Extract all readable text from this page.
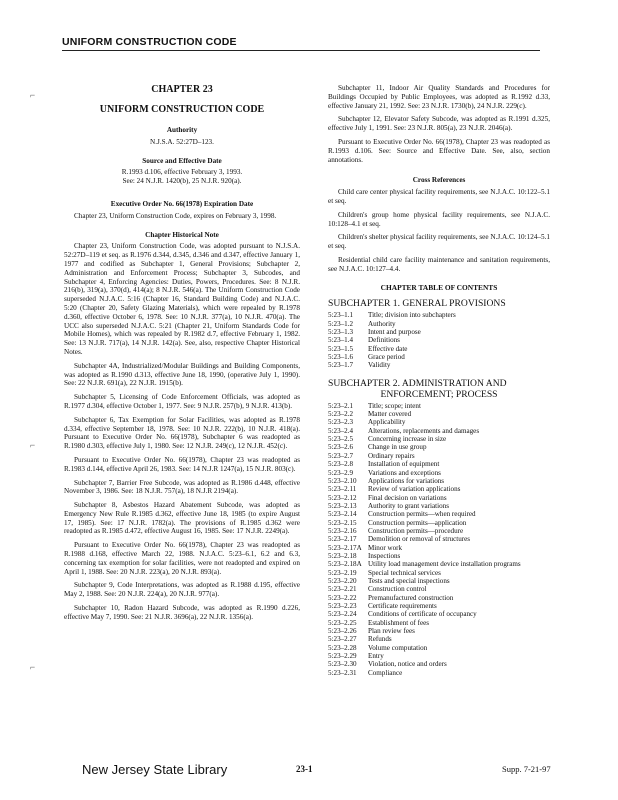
UNIFORM CONSTRUCTION CODE
⌐
⌐
⌐
CHAPTER 23
UNIFORM CONSTRUCTION CODE
Authority
N.J.S.A. 52:27D–123.
Source and Effective Date
R.1993 d.106, effective February 3, 1993.
See: 24 N.J.R. 1420(b), 25 N.J.R. 920(a).
Executive Order No. 66(1978) Expiration Date

Chapter 23, Uniform Construction Code, expires on February 3, 1998.

Chapter Historical Note

Chapter 23, Uniform Construction Code, was adopted pursuant to N.J.S.A. 52:27D–119 et seq. as R.1976 d.344, d.345, d.346 and d.347, effective January 1, 1977 and codified as Subchapter 1, General Provisions; Subchapter 2, Administration and Enforcement Process; Subchapter 3, Subcodes, and Subchapter 4, Enforcing Agencies: Duties, Powers, Procedures. See: 8 N.J.R. 216(b), 319(a), 370(d), 414(a); 8 N.J.R. 546(a). The Uniform Construction Code superseded N.J.A.C. 5:16 (Chapter 16, Standard Building Code) and N.J.A.C. 5:20 (Chapter 20, Safety Glazing Materials), which were repealed by R.1978 d.360, effective October 6, 1978. See: 10 N.J.R. 377(a), 10 N.J.R. 470(a). The UCC also superseded N.J.A.C. 5:21 (Chapter 21, Uniform Standards Code for Mobile Homes), which was repealed by R.1982 d.7, effective February 1, 1982. See: 13 N.J.R. 717(a), 14 N.J.R. 142(a). See, also, respective Chapter Historical Notes.

Subchapter 4A, Industrialized/Modular Buildings and Building Components, was adopted as R.1990 d.313, effective June 18, 1990, (operative July 1, 1990). See: 22 N.J.R. 691(a), 22 N.J.R. 1915(b).

Subchapter 5, Licensing of Code Enforcement Officials, was adopted as R.1977 d.304, effective October 1, 1977. See: 9 N.J.R. 257(b), 9 N.J.R. 413(b).

Subchapter 6, Tax Exemption for Solar Facilities, was adopted as R.1978 d.334, effective September 18, 1978. See: 10 N.J.R. 222(b), 10 N.J.R. 418(a). Pursuant to Executive Order No. 66(1978), Subchapter 6 was readopted as R.1980 d.303, effective July 1, 1980. See: 12 N.J.R. 249(c), 12 N.J.R. 452(c).

Pursuant to Executive Order No. 66(1978), Chapter 23 was readopted as R.1983 d.144, effective April 26, 1983. See: 14 N.J.R 1247(a), 15 N.J.R. 803(c).

Subchapter 7, Barrier Free Subcode, was adopted as R.1986 d.448, effective November 3, 1986. See: 18 N.J.R. 757(a), 18 N.J.R 2194(a).

Subchapter 8, Asbestos Hazard Abatement Subcode, was adopted as Emergency New Rule R.1985 d.362, effective June 18, 1985 (to expire August 17, 1985). See: 17 N.J.R. 1782(a). The provisions of R.1985 d.362 were readopted as R.1985 d.472, effective August 16, 1985. See: 17 N.J.R. 2249(a).

Pursuant to Executive Order No. 66(1978), Chapter 23 was readopted as R.1988 d.168, effective March 22, 1988. N.J.A.C. 5:23–6.1, 6.2 and 6.3, concerning tax exemption for solar facilities, were not readopted and expired on April 1, 1988. See: 20 N.J.R. 223(a), 20 N.J.R. 893(a).

Subchapter 9, Code Interpretations, was adopted as R.1988 d.195, effective May 2, 1988. See: 20 N.J.R. 224(a), 20 N.J.R. 977(a).

Subchapter 10, Radon Hazard Subcode, was adopted as R.1990 d.226, effective May 7, 1990. See: 21 N.J.R. 3696(a), 22 N.J.R. 1356(a).

Subchapter 11, Indoor Air Quality Standards and Procedures for Buildings Occupied by Public Employees, was adopted as R.1992 d.33, effective January 21, 1992. See: 23 N.J.R. 1730(b), 24 N.J.R. 229(c).

Subchapter 12, Elevator Safety Subcode, was adopted as R.1991 d.325, effective July 1, 1991. See: 23 N.J.R. 805(a), 23 N.J.R. 2046(a).

Pursuant to Executive Order No. 66(1978), Chapter 23 was readopted as R.1993 d.106. See: Source and Effective Date. See, also, section annotations.

Cross References

Child care center physical facility requirements, see N.J.A.C. 10:122–5.1 et seq.

Children's group home physical facility requirements, see N.J.A.C. 10:128–4.1 et seq.

Children's shelter physical facility requirements, see N.J.A.C. 10:124–5.1 et seq.

Residential child care facility maintenance and sanitation requirements, see N.J.A.C. 10:127–4.4.

CHAPTER TABLE OF CONTENTS
SUBCHAPTER 1. GENERAL PROVISIONS
5:23–1.1	Title; division into subchapters
5:23–1.2	Authority
5:23–1.3	Intent and purpose
5:23–1.4	Definitions
5:23–1.5	Effective date
5:23–1.6	Grace period
5:23–1.7	Validity
SUBCHAPTER 2. ADMINISTRATION AND
ENFORCEMENT; PROCESS
5:23–2.1	Title; scope; intent
5:23–2.2	Matter covered
5:23–2.3	Applicability
5:23–2.4	Alterations, replacements and damages
5:23–2.5	Concerning increase in size
5:23–2.6	Change in use group
5:23–2.7	Ordinary repairs
5:23–2.8	Installation of equipment
5:23–2.9	Variations and exceptions
5:23–2.10	Applications for variations
5:23–2.11	Review of variation applications
5:23–2.12	Final decision on variations
5:23–2.13	Authority to grant variations
5:23–2.14	Construction permits—when required
5:23–2.15	Construction permits—application
5:23–2.16	Construction permits—procedure
5:23–2.17	Demolition or removal of structures
5:23–2.17A Minor work
5:23–2.18	Inspections
5:23–2.18A Utility load management device installation programs
5:23–2.19	Special technical services
5:23–2.20	Tests and special inspections
5:23–2.21	Construction control
5:23–2.22	Premanufactured construction
5:23–2.23	Certificate requirements
5:23–2.24	Conditions of certificate of occupancy
5:23–2.25	Establishment of fees
5:23–2.26	Plan review fees
5:23–2.27	Refunds
5:23–2.28	Volume computation
5:23–2.29	Entry
5:23–2.30	Violation, notice and orders
5:23–2.31	Compliance
New Jersey State Library	23-1	Supp. 7-21-97
